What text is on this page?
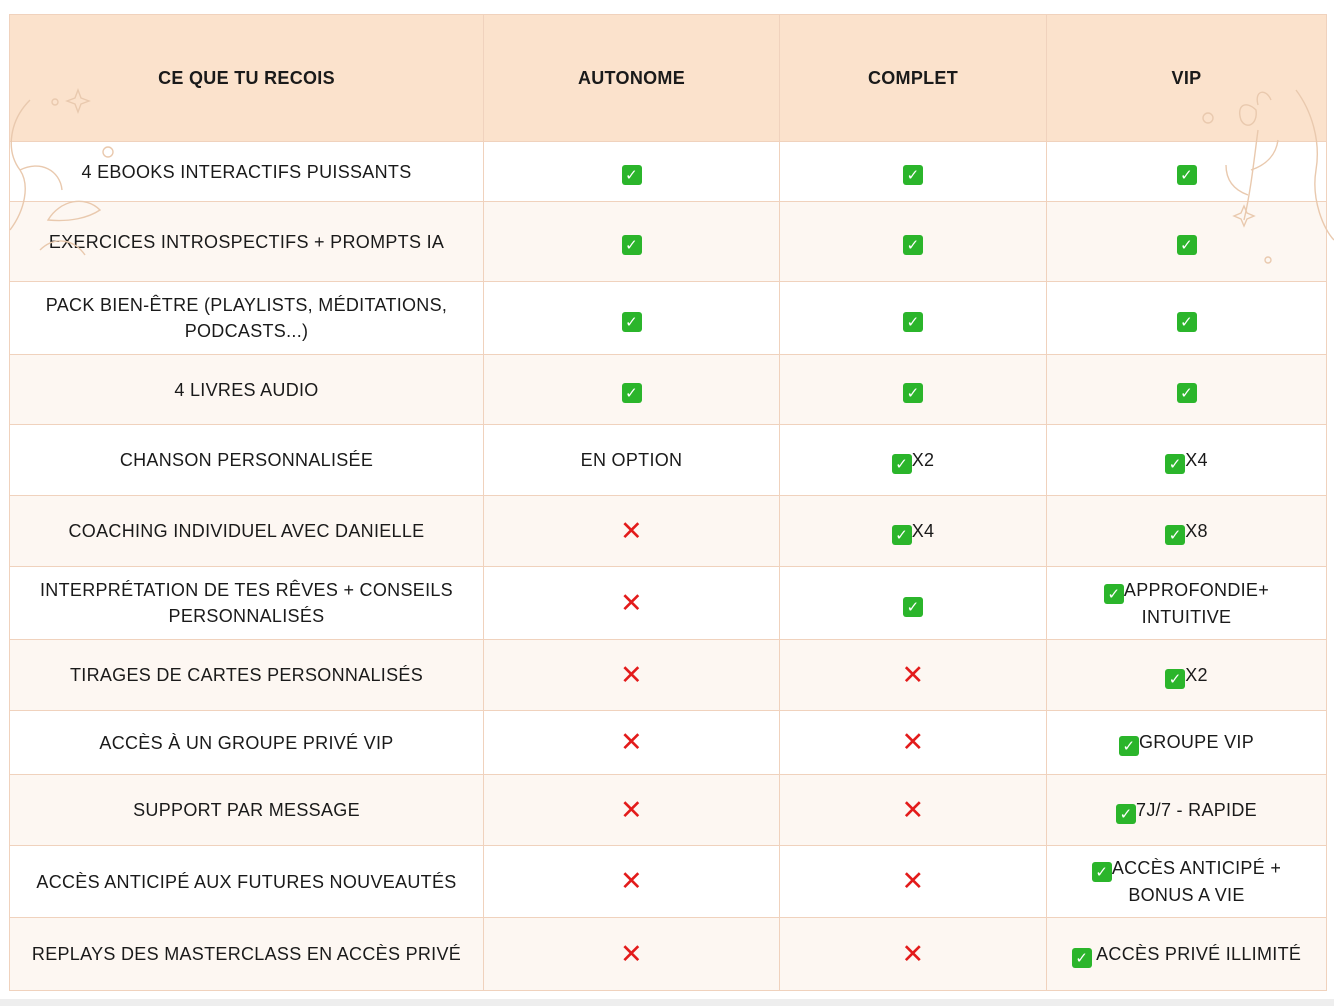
CE QUE TU RECOIS	AUTONOME	COMPLET	VIP
4 EBOOKS INTERACTIFS PUISSANTS	✓	✓	✓
EXERCICES INTROSPECTIFS + PROMPTS IA	✓	✓	✓
PACK BIEN-ÊTRE (PLAYLISTS, MÉDITATIONS, PODCASTS...)	✓	✓	✓
4 LIVRES AUDIO	✓	✓	✓
CHANSON PERSONNALISÉE	EN OPTION	✓ X2	✓ X4
COACHING INDIVIDUEL AVEC DANIELLE	✕	✓ X4	✓ X8
INTERPRÉTATION DE TES RÊVES + CONSEILS PERSONNALISÉS	✕	✓	✓ APPROFONDIE+ INTUITIVE
TIRAGES DE CARTES PERSONNALISÉS	✕	✕	✓ X2
ACCÈS À UN GROUPE PRIVÉ VIP	✕	✕	✓ GROUPE VIP
SUPPORT PAR MESSAGE	✕	✕	✓ 7J/7 - RAPIDE
ACCÈS ANTICIPÉ AUX FUTURES NOUVEAUTÉS	✕	✕	✓ ACCÈS ANTICIPÉ + BONUS A VIE
REPLAYS DES MASTERCLASS EN ACCÈS PRIVÉ	✕	✕	✓ ACCÈS PRIVÉ ILLIMITÉ
